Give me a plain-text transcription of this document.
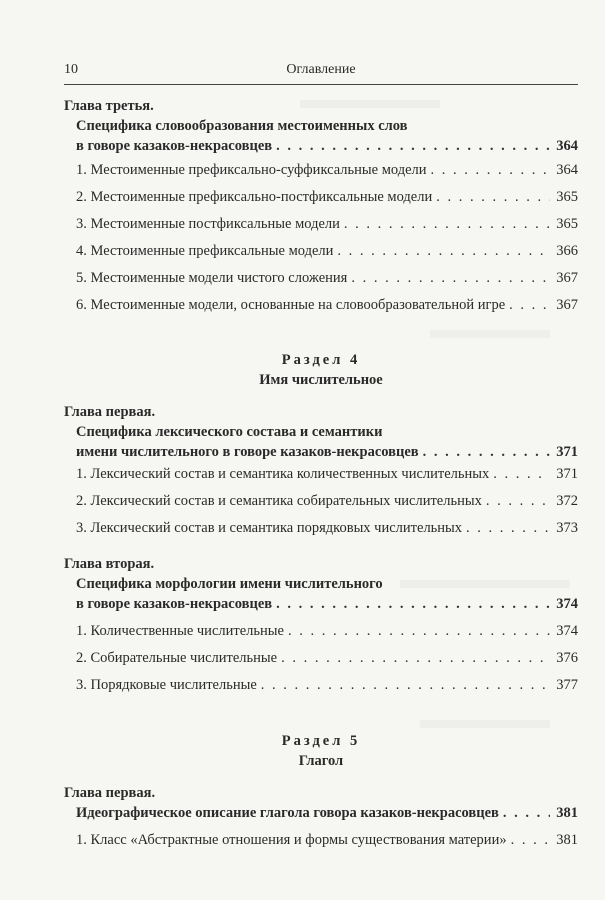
10	Оглавление
Глава третья.
Специфика словообразования местоименных слов
в говоре казаков-некрасовцев . . .	364
1. Местоименные префиксально-суффиксальные модели . . .	364
2. Местоименные префиксально-постфиксальные модели . . .	365
3. Местоименные постфиксальные модели . . .	365
4. Местоименные префиксальные модели . . .	366
5. Местоименные модели чистого сложения . . .	367
6. Местоименные модели, основанные на словообразовательной игре . . .	367
Раздел 4
Имя числительное
Глава первая.
Специфика лексического состава и семантики
имени числительного в говоре казаков-некрасовцев . . .	371
1. Лексический состав и семантика количественных числительных . . .	371
2. Лексический состав и семантика собирательных числительных . . .	372
3. Лексический состав и семантика порядковых числительных . . .	373
Глава вторая.
Специфика морфологии имени числительного
в говоре казаков-некрасовцев . . .	374
1. Количественные числительные . . .	374
2. Собирательные числительные . . .	376
3. Порядковые числительные . . .	377
Раздел 5
Глагол
Глава первая.
Идеографическое описание глагола говора казаков-некрасовцев . . .	381
1. Класс «Абстрактные отношения и формы существования материи» . . .	381
